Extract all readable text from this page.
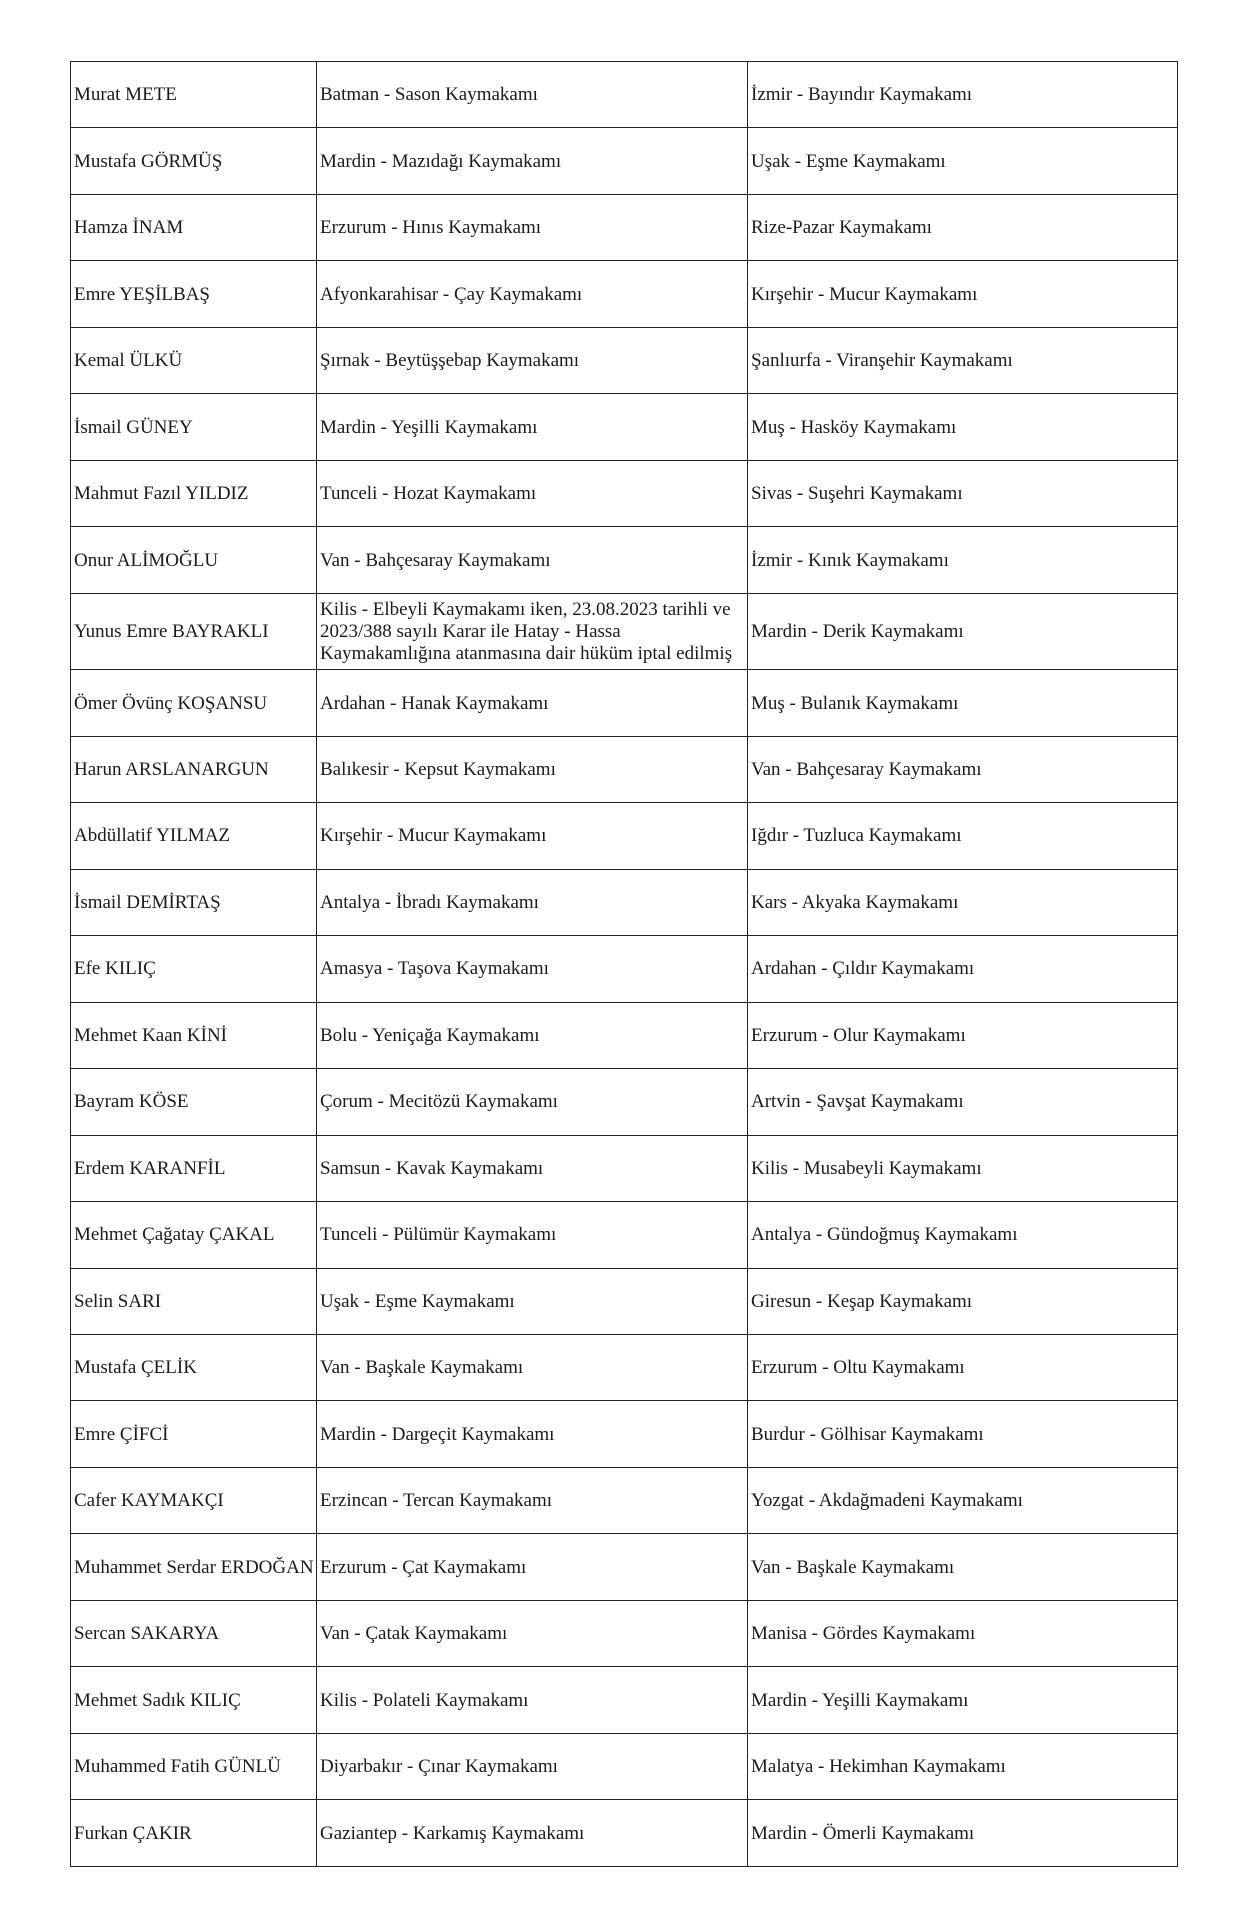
Murat METE	Batman - Sason Kaymakamı	İzmir - Bayındır Kaymakamı
Mustafa GÖRMÜŞ	Mardin - Mazıdağı Kaymakamı	Uşak - Eşme Kaymakamı
Hamza İNAM	Erzurum - Hınıs Kaymakamı	Rize-Pazar Kaymakamı
Emre YEŞİLBAŞ	Afyonkarahisar - Çay Kaymakamı	Kırşehir - Mucur Kaymakamı
Kemal ÜLKÜ	Şırnak - Beytüşşebap Kaymakamı	Şanlıurfa - Viranşehir Kaymakamı
İsmail GÜNEY	Mardin - Yeşilli Kaymakamı	Muş - Hasköy Kaymakamı
Mahmut Fazıl YILDIZ	Tunceli - Hozat Kaymakamı	Sivas - Suşehri Kaymakamı
Onur ALİMOĞLU	Van - Bahçesaray Kaymakamı	İzmir - Kınık Kaymakamı
Yunus Emre BAYRAKLI	Kilis - Elbeyli Kaymakamı iken, 23.08.2023 tarihli ve 2023/388 sayılı Karar ile Hatay - Hassa Kaymakamlığına atanmasına dair hüküm iptal edilmiş	Mardin - Derik Kaymakamı
Ömer Övünç KOŞANSU	Ardahan - Hanak Kaymakamı	Muş - Bulanık Kaymakamı
Harun ARSLANARGUN	Balıkesir - Kepsut Kaymakamı	Van - Bahçesaray Kaymakamı
Abdüllatif YILMAZ	Kırşehir - Mucur Kaymakamı	Iğdır - Tuzluca Kaymakamı
İsmail DEMİRTAŞ	Antalya - İbradı Kaymakamı	Kars - Akyaka Kaymakamı
Efe KILIÇ	Amasya - Taşova Kaymakamı	Ardahan - Çıldır Kaymakamı
Mehmet Kaan KİNİ	Bolu - Yeniçağa Kaymakamı	Erzurum - Olur Kaymakamı
Bayram KÖSE	Çorum - Mecitözü Kaymakamı	Artvin - Şavşat Kaymakamı
Erdem KARANFİL	Samsun - Kavak Kaymakamı	Kilis - Musabeyli Kaymakamı
Mehmet Çağatay ÇAKAL	Tunceli - Pülümür Kaymakamı	Antalya - Gündoğmuş Kaymakamı
Selin SARI	Uşak - Eşme Kaymakamı	Giresun - Keşap Kaymakamı
Mustafa ÇELİK	Van - Başkale Kaymakamı	Erzurum - Oltu Kaymakamı
Emre ÇİFCİ	Mardin - Dargeçit Kaymakamı	Burdur - Gölhisar Kaymakamı
Cafer KAYMAKÇI	Erzincan - Tercan Kaymakamı	Yozgat - Akdağmadeni Kaymakamı
Muhammet Serdar ERDOĞAN	Erzurum - Çat Kaymakamı	Van - Başkale Kaymakamı
Sercan SAKARYA	Van - Çatak Kaymakamı	Manisa - Gördes Kaymakamı
Mehmet Sadık KILIÇ	Kilis - Polateli Kaymakamı	Mardin - Yeşilli Kaymakamı
Muhammed Fatih GÜNLÜ	Diyarbakır - Çınar Kaymakamı	Malatya - Hekimhan Kaymakamı
Furkan ÇAKIR	Gaziantep - Karkamış Kaymakamı	Mardin - Ömerli Kaymakamı
